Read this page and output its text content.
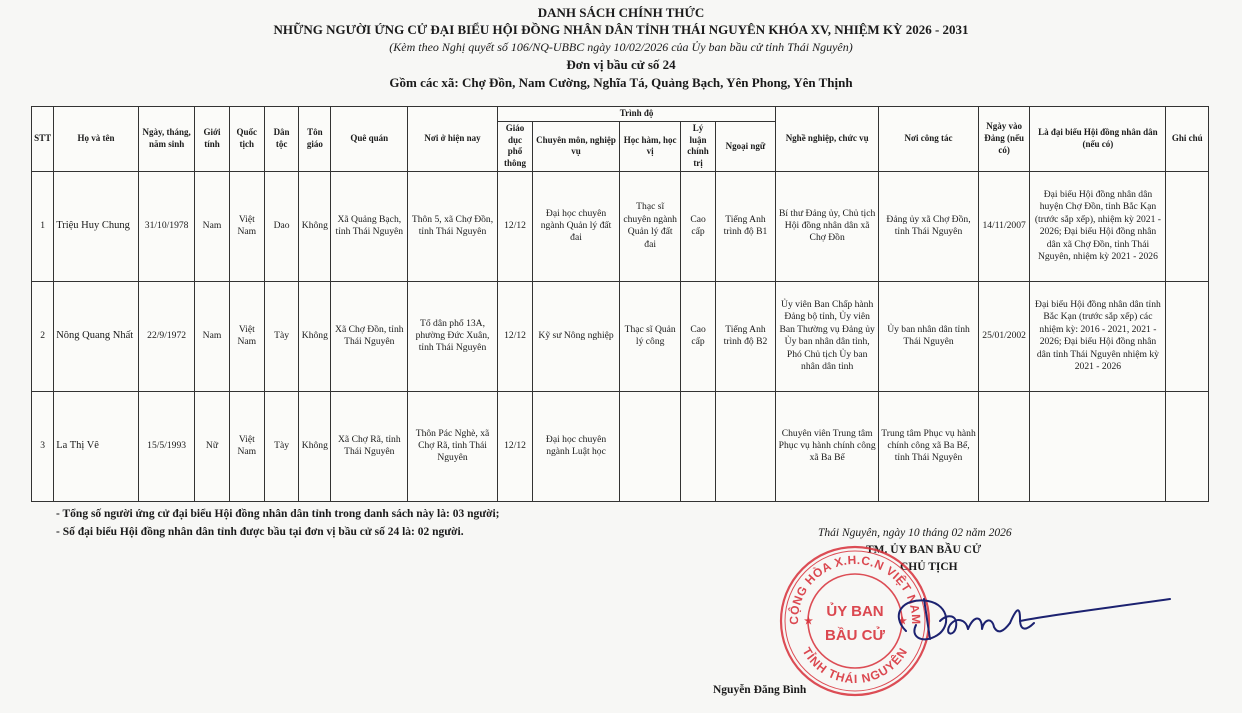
DANH SÁCH CHÍNH THỨC
NHỮNG NGƯỜI ỨNG CỬ ĐẠI BIỂU HỘI ĐỒNG NHÂN DÂN TỈNH THÁI NGUYÊN KHÓA XV, NHIỆM KỲ 2026 - 2031
(Kèm theo Nghị quyết số 106/NQ-UBBC ngày 10/02/2026 của Ủy ban bầu cử tỉnh Thái Nguyên)
Đơn vị bầu cử số 24
Gồm các xã: Chợ Đồn, Nam Cường, Nghĩa Tá, Quảng Bạch, Yên Phong, Yên Thịnh
STT	Họ và tên	Ngày, tháng, năm sinh	Giới tính	Quốc tịch	Dân tộc	Tôn giáo	Quê quán	Nơi ở hiện nay	Trình độ					Nghề nghiệp, chức vụ	Nơi công tác	Ngày vào Đảng (nếu có)	Là đại biểu Hội đồng nhân dân (nếu có)	Ghi chú
									Giáo dục phổ thông	Chuyên môn, nghiệp vụ	Học hàm, học vị	Lý luận chính trị	Ngoại ngữ					
1	Triệu Huy Chung	31/10/1978	Nam	Việt Nam	Dao	Không	Xã Quảng Bạch, tỉnh Thái Nguyên	Thôn 5, xã Chợ Đồn, tỉnh Thái Nguyên	12/12	Đại học chuyên ngành Quản lý đất đai	Thạc sĩ chuyên ngành Quản lý đất đai	Cao cấp	Tiếng Anh trình độ B1	Bí thư Đảng ủy, Chủ tịch Hội đồng nhân dân xã Chợ Đồn	Đảng ủy xã Chợ Đồn, tỉnh Thái Nguyên	14/11/2007	Đại biểu Hội đồng nhân dân huyện Chợ Đồn, tỉnh Bắc Kạn (trước sắp xếp), nhiệm kỳ 2021 - 2026; Đại biểu Hội đồng nhân dân xã Chợ Đồn, tỉnh Thái Nguyên, nhiệm kỳ 2021 - 2026	
2	Nông Quang Nhất	22/9/1972	Nam	Việt Nam	Tày	Không	Xã Chợ Đồn, tỉnh Thái Nguyên	Tổ dân phố 13A, phường Đức Xuân, tỉnh Thái Nguyên	12/12	Kỹ sư Nông nghiệp	Thạc sĩ Quản lý công	Cao cấp	Tiếng Anh trình độ B2	Ủy viên Ban Chấp hành Đảng bộ tỉnh, Ủy viên Ban Thường vụ Đảng ủy Ủy ban nhân dân tỉnh, Phó Chủ tịch Ủy ban nhân dân tỉnh	Ủy ban nhân dân tỉnh Thái Nguyên	25/01/2002	Đại biểu Hội đồng nhân dân tỉnh Bắc Kạn (trước sắp xếp) các nhiệm kỳ: 2016 - 2021, 2021 - 2026; Đại biểu Hội đồng nhân dân tỉnh Thái Nguyên nhiệm kỳ 2021 - 2026	
3	La Thị Vê	15/5/1993	Nữ	Việt Nam	Tày	Không	Xã Chợ Rã, tỉnh Thái Nguyên	Thôn Pác Nghè, xã Chợ Rã, tỉnh Thái Nguyên	12/12	Đại học chuyên ngành Luật học				Chuyên viên Trung tâm Phục vụ hành chính công xã Ba Bể	Trung tâm Phục vụ hành chính công xã Ba Bể, tỉnh Thái Nguyên			
- Tổng số người ứng cử đại biểu Hội đồng nhân dân tỉnh trong danh sách này là: 03 người;
- Số đại biểu Hội đồng nhân dân tỉnh được bầu tại đơn vị bầu cử số 24 là: 02 người.	Thái Nguyên, ngày 10 tháng 02 năm 2026
TM. ỦY BAN BẦU CỬ
CHỦ TỊCH
CỘNG HÒA X.H.C.N VIỆT NAM
TỈNH THÁI NGUYÊN
ỦY BAN
BẦU CỬ
★	★
Nguyễn Đăng Bình
